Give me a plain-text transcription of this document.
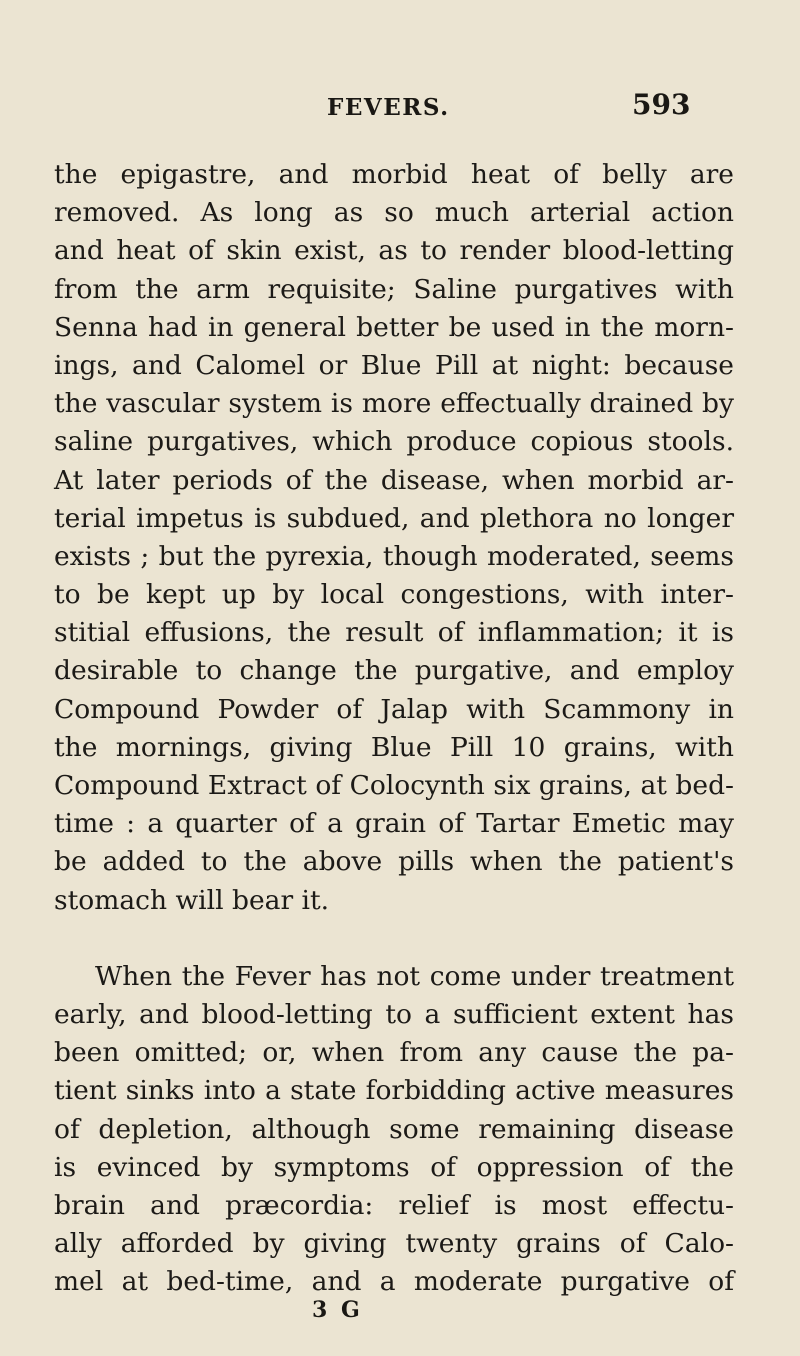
FEVERS.	593
the epigastre, and morbid heat of belly are
removed. As long as so much arterial action
and heat of skin exist, as to render blood-letting
from the arm requisite; Saline purgatives with
Senna had in general better be used in the morn-
ings, and Calomel or Blue Pill at night: because
the vascular system is more effectually drained by
saline purgatives, which produce copious stools.
At later periods of the disease, when morbid ar-
terial impetus is subdued, and plethora no longer
exists ; but the pyrexia, though moderated, seems
to be kept up by local congestions, with inter-
stitial effusions, the result of inflammation; it is
desirable to change the purgative, and employ
Compound Powder of Jalap with Scammony in
the mornings, giving Blue Pill 10 grains, with
Compound Extract of Colocynth six grains, at bed-
time : a quarter of a grain of Tartar Emetic may
be added to the above pills when the patient's
stomach will bear it.
When the Fever has not come under treatment
early, and blood-letting to a sufficient extent has
been omitted; or, when from any cause the pa-
tient sinks into a state forbidding active measures
of depletion, although some remaining disease
is evinced by symptoms of oppression of the
brain and præcordia: relief is most effectu-
ally afforded by giving twenty grains of Calo-
mel at bed-time, and a moderate purgative of
3 G
